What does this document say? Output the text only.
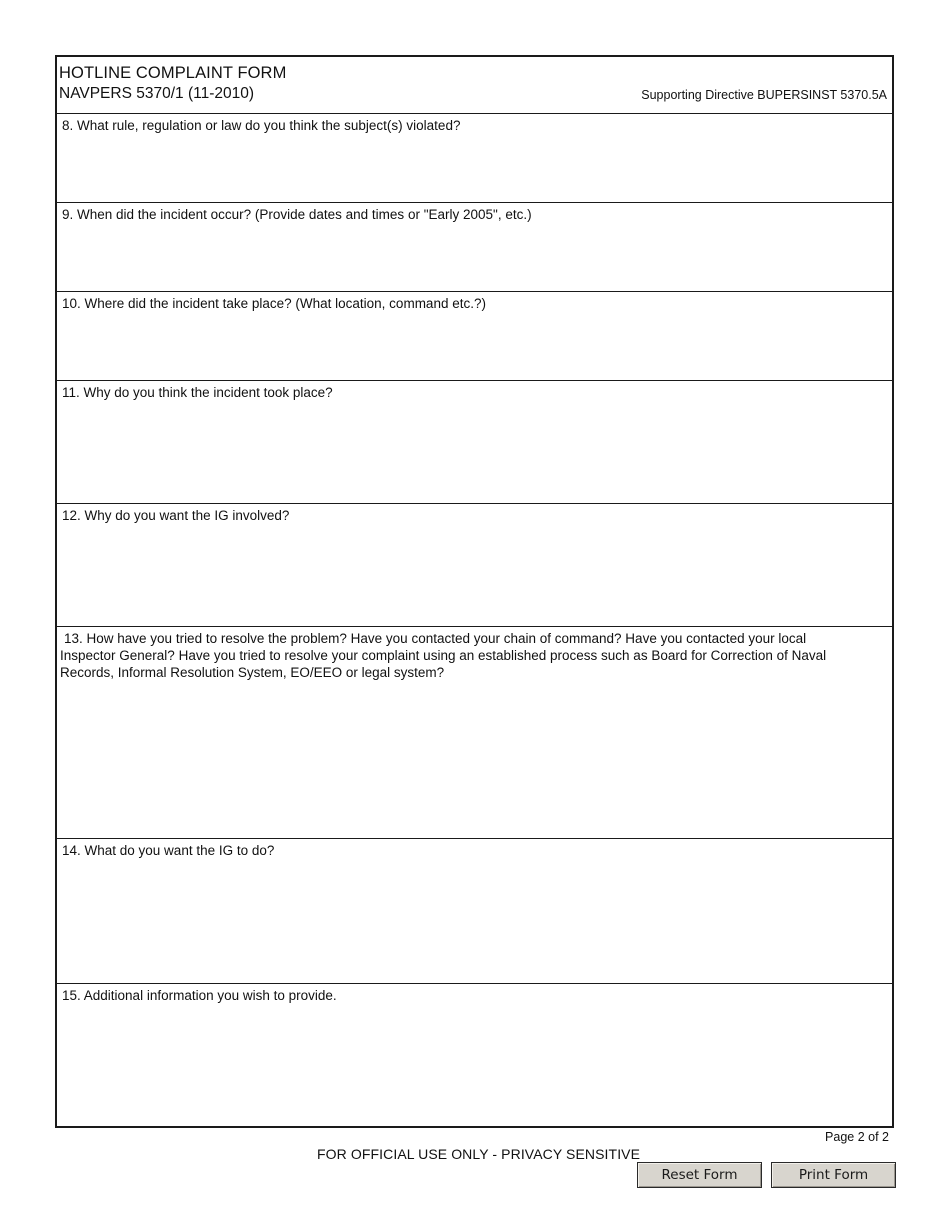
HOTLINE COMPLAINT FORM
NAVPERS 5370/1 (11-2010)	Supporting Directive BUPERSINST 5370.5A
8. What rule, regulation or law do you think the subject(s) violated?
9. When did the incident occur? (Provide dates and times or "Early 2005", etc.)
10. Where did the incident take place? (What location, command etc.?)
11. Why do you think the incident took place?
12. Why do you want the IG involved?
13. How have you tried to resolve the problem? Have you contacted your chain of command? Have you contacted your local Inspector General? Have you tried to resolve your complaint using an established process such as Board for Correction of Naval Records, Informal Resolution System, EO/EEO or legal system?
14. What do you want the IG to do?
15. Additional information you wish to provide.
Page 2 of 2
FOR OFFICIAL USE ONLY - PRIVACY SENSITIVE
Reset Form	Print Form
